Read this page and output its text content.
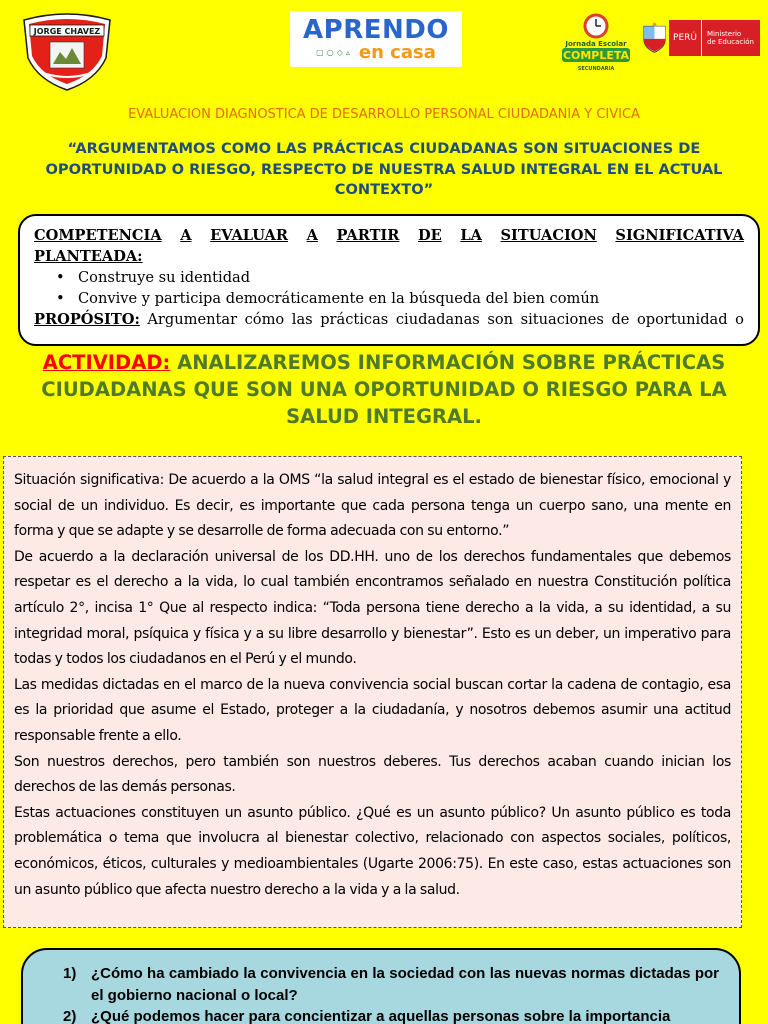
JORGE CHAVEZ	APRENDO
▢○◇▵ en casa	Jornada Escolar
COMPLETA
SECUNDARIA
PERÚ	Ministerio
de Educación
EVALUACION DIAGNOSTICA DE DESARROLLO PERSONAL CIUDADANIA Y CIVICA
“ARGUMENTAMOS COMO LAS PRÁCTICAS CIUDADANAS SON SITUACIONES DE OPORTUNIDAD O RIESGO, RESPECTO DE NUESTRA SALUD INTEGRAL EN EL ACTUAL CONTEXTO”
COMPETENCIA A EVALUAR A PARTIR DE LA SITUACION SIGNIFICATIVA
PLANTEADA:
• Construye su identidad
• Convive y participa democráticamente en la búsqueda del bien común
PROPÓSITO: Argumentar cómo las prácticas ciudadanas son situaciones de oportunidad o
ACTIVIDAD: ANALIZAREMOS INFORMACIÓN SOBRE PRÁCTICAS CIUDADANAS QUE SON UNA OPORTUNIDAD O RIESGO PARA LA SALUD INTEGRAL.

Situación significativa: De acuerdo a la OMS “la salud integral es el estado de bienestar físico, emocional y social de un individuo. Es decir, es importante que cada persona tenga un cuerpo sano, una mente en forma y que se adapte y se desarrolle de forma adecuada con su entorno.”

De acuerdo a la declaración universal de los DD.HH. uno de los derechos fundamentales que debemos respetar es el derecho a la vida, lo cual también encontramos señalado en nuestra Constitución política artículo 2°, incisa 1° Que al respecto indica: “Toda persona tiene derecho a la vida, a su identidad, a su integridad moral, psíquica y física y a su libre desarrollo y bienestar”. Esto es un deber, un imperativo para todas y todos los ciudadanos en el Perú y el mundo.

Las medidas dictadas en el marco de la nueva convivencia social buscan cortar la cadena de contagio, esa es la prioridad que asume el Estado, proteger a la ciudadanía, y nosotros debemos asumir una actitud responsable frente a ello.

Son nuestros derechos, pero también son nuestros deberes. Tus derechos acaban cuando inician los derechos de las demás personas.

Estas actuaciones constituyen un asunto público. ¿Qué es un asunto público? Un asunto público es toda problemática o tema que involucra al bienestar colectivo, relacionado con aspectos sociales, políticos, económicos, éticos, culturales y medioambientales (Ugarte 2006:75). En este caso, estas actuaciones son un asunto público que afecta nuestro derecho a la vida y a la salud.

1) ¿Cómo ha cambiado la convivencia en la sociedad con las nuevas normas dictadas por el gobierno nacional o local?
2) ¿Qué podemos hacer para concientizar a aquellas personas sobre la importancia
